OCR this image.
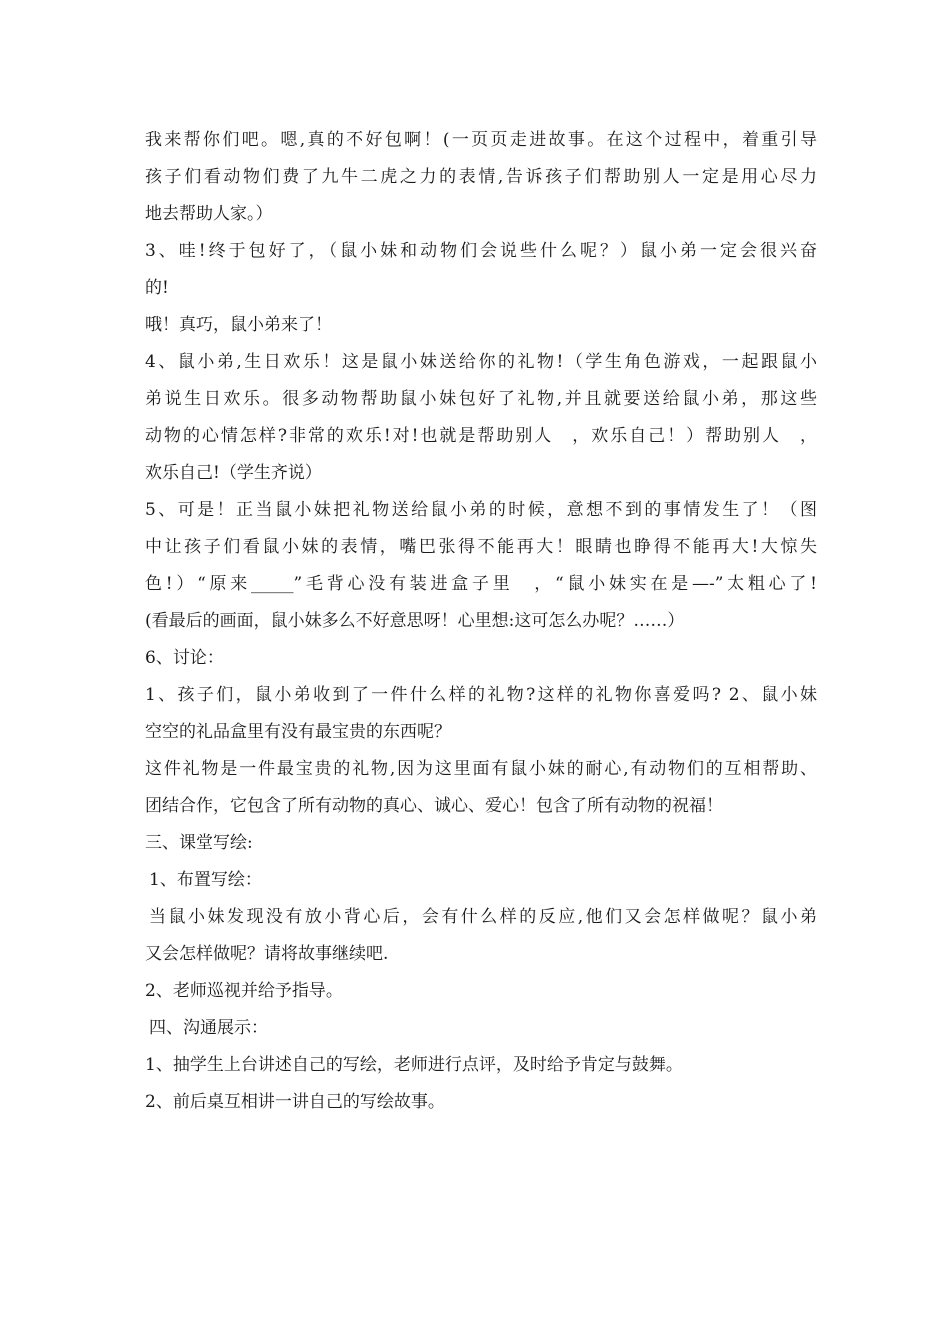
我来帮你们吧。嗯,真的不好包啊！(一页页走进故事。在这个过程中，着重引导
孩子们看动物们费了九牛二虎之力的表情,告诉孩子们帮助别人一定是用心尽力
地去帮助人家。）
3、哇!终于包好了，（鼠小妹和动物们会说些什么呢？）鼠小弟一定会很兴奋
的!
哦！真巧，鼠小弟来了！
4、鼠小弟,生日欢乐！这是鼠小妹送给你的礼物!（学生角色游戏，一起跟鼠小
弟说生日欢乐。很多动物帮助鼠小妹包好了礼物,并且就要送给鼠小弟，那这些
动物的心情怎样?非常的欢乐!对!也就是帮助别人　，欢乐自己！）帮助别人　，
欢乐自己!（学生齐说）
5、可是！正当鼠小妹把礼物送给鼠小弟的时候，意想不到的事情发生了！（图
中让孩子们看鼠小妹的表情，嘴巴张得不能再大！眼睛也睁得不能再大!大惊失
色!）“原来_____”毛背心没有装进盒子里　，“鼠小妹实在是—-”太粗心了!
(看最后的画面，鼠小妹多么不好意思呀！心里想:这可怎么办呢？……）
6、讨论：
1、孩子们，鼠小弟收到了一件什么样的礼物?这样的礼物你喜爱吗? 2、鼠小妹
空空的礼品盒里有没有最宝贵的东西呢？
这件礼物是一件最宝贵的礼物,因为这里面有鼠小妹的耐心,有动物们的互相帮助、
团结合作，它包含了所有动物的真心、诚心、爱心！包含了所有动物的祝福！
三、课堂写绘:
1、布置写绘：
当鼠小妹发现没有放小背心后，会有什么样的反应,他们又会怎样做呢？鼠小弟
又会怎样做呢？请将故事继续吧.
2、老师巡视并给予指导。
四、沟通展示：
1、抽学生上台讲述自己的写绘，老师进行点评，及时给予肯定与鼓舞。
2、前后桌互相讲一讲自己的写绘故事。
